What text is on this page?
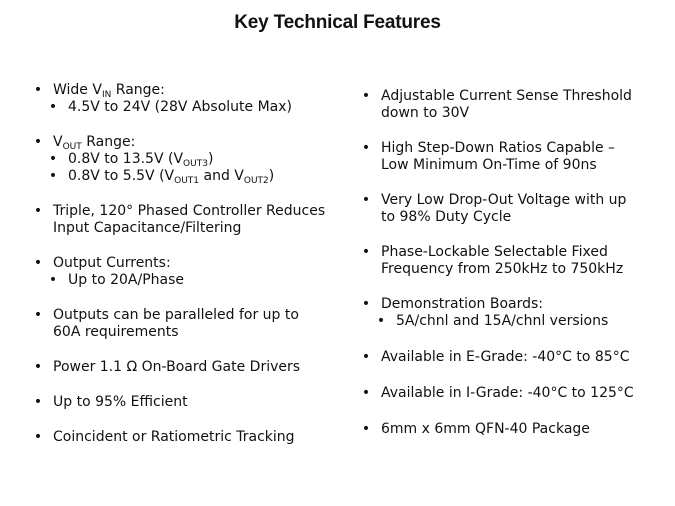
Key Technical Features
• Wide $V_{IN}$ Range:
• 4.5V to 24V (28V Absolute Max)
• $V_{OUT}$ Range:
• 0.8V to 13.5V $(V_{OUT3})$
• 0.8V to 5.5V ($V_{OUT1}$ and $V_{OUT2}$)
• Triple, 120° Phased Controller Reduces
Input Capacitance/Filtering
• Output Currents:
• Up to 20A/Phase
• Outputs can be paralleled for up to
60A requirements
• Power 1.1 Ω On-Board Gate Drivers
• Up to 95% Efficient
• Coincident or Ratiometric Tracking
• Adjustable Current Sense Threshold
down to 30V
• High Step-Down Ratios Capable –
Low Minimum On-Time of 90ns
• Very Low Drop-Out Voltage with up
to 98% Duty Cycle
• Phase-Lockable Selectable Fixed
Frequency from 250kHz to 750kHz
• Demonstration Boards:
• 5A/chnl and 15A/chnl versions
• Available in E-Grade: -40°C to 85°C
• Available in I-Grade: -40°C to 125°C
• 6mm x 6mm QFN-40 Package
